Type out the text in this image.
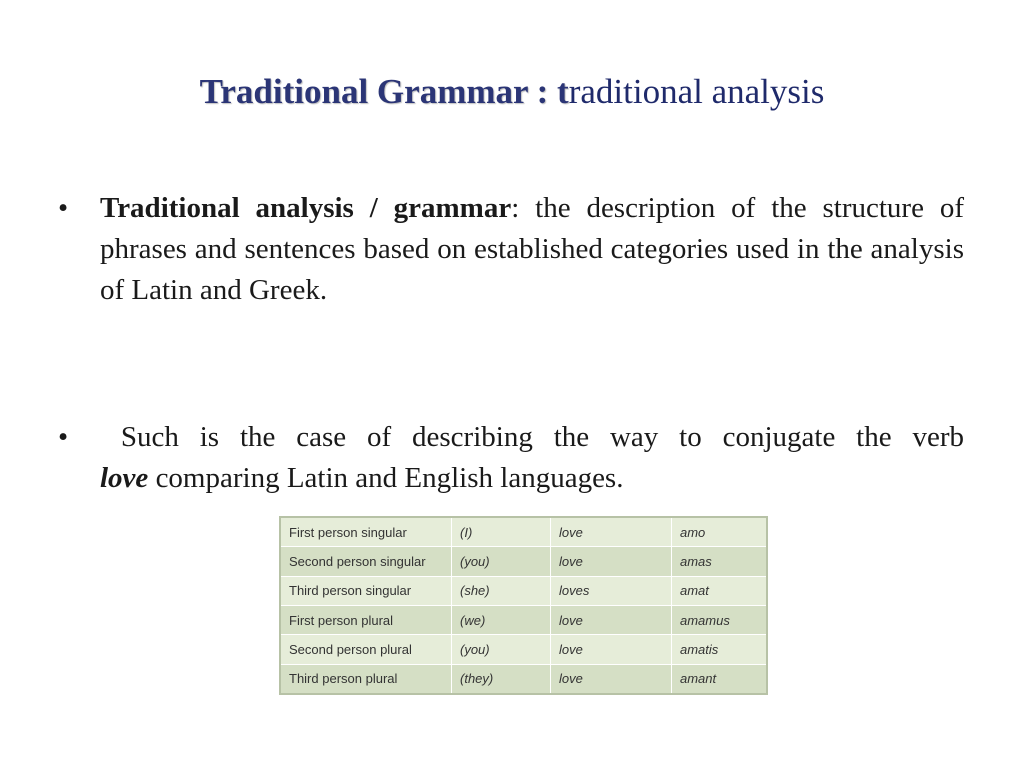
Traditional Grammar : traditional analysis
• Traditional analysis / grammar: the description of the structure of phrases and sentences based on established categories used in the analysis of Latin and Greek.
•	Such is the case of describing the way to conjugate the verb
love comparing Latin and English languages.
First person singular	(I)	love	amo
Second person singular	(you)	love	amas
Third person singular	(she)	loves	amat
First person plural	(we)	love	amamus
Second person plural	(you)	love	amatis
Third person plural	(they)	love	amant
